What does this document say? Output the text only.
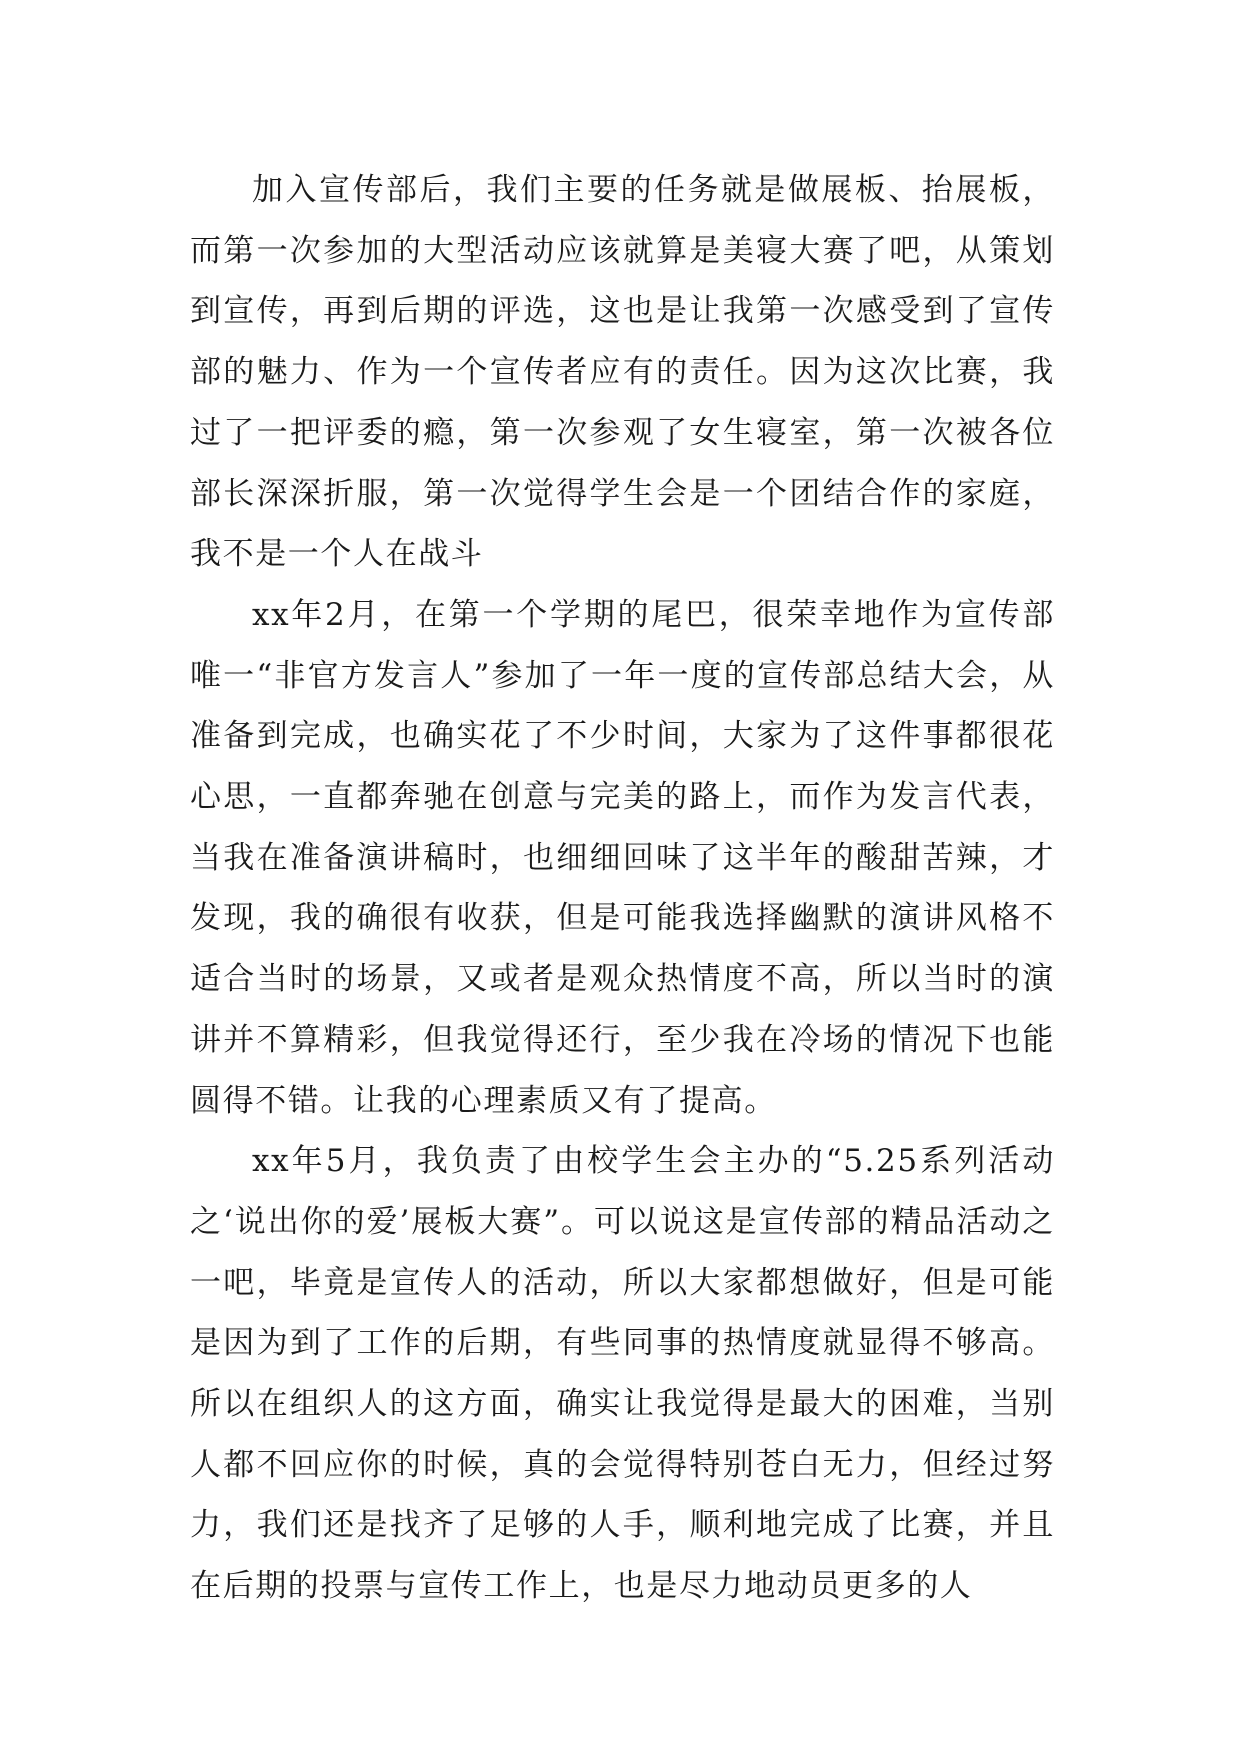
加入宣传部后，我们主要的任务就是做展板、抬展板，而第一次参加的大型活动应该就算是美寝大赛了吧，从策划到宣传，再到后期的评选，这也是让我第一次感受到了宣传部的魅力、作为一个宣传者应有的责任。因为这次比赛，我过了一把评委的瘾，第一次参观了女生寝室，第一次被各位部长深深折服，第一次觉得学生会是一个团结合作的家庭，我不是一个人在战斗

xx年2月，在第一个学期的尾巴，很荣幸地作为宣传部唯一“非官方发言人”参加了一年一度的宣传部总结大会，从准备到完成，也确实花了不少时间，大家为了这件事都很花心思，一直都奔驰在创意与完美的路上，而作为发言代表，当我在准备演讲稿时，也细细回味了这半年的酸甜苦辣，才发现，我的确很有收获，但是可能我选择幽默的演讲风格不适合当时的场景，又或者是观众热情度不高，所以当时的演讲并不算精彩，但我觉得还行，至少我在冷场的情况下也能圆得不错。让我的心理素质又有了提高。

xx年5月，我负责了由校学生会主办的“5.25系列活动之‘说出你的爱’展板大赛”。可以说这是宣传部的精品活动之一吧，毕竟是宣传人的活动，所以大家都想做好，但是可能是因为到了工作的后期，有些同事的热情度就显得不够高。所以在组织人的这方面，确实让我觉得是最大的困难，当别人都不回应你的时候，真的会觉得特别苍白无力，但经过努力，我们还是找齐了足够的人手，顺利地完成了比赛，并且在后期的投票与宣传工作上，也是尽力地动员更多的人
